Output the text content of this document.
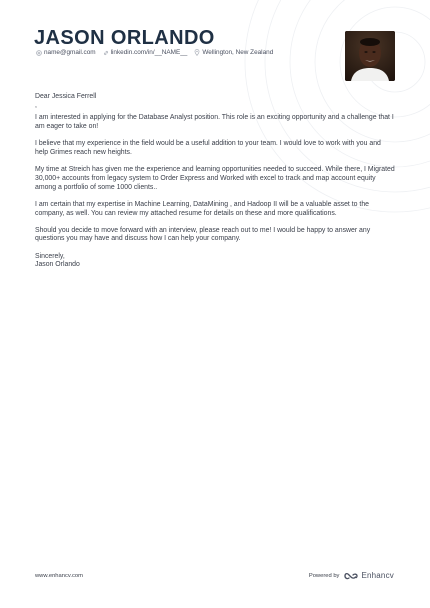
JASON ORLANDO
name@gmail.com linkedin.com/in/__NAME__ Wellington, New Zealand

Dear Jessica Ferrell

,

I am interested in applying for the Database Analyst position. This role is an exciting opportunity and a challenge that I am eager to take on!

I believe that my experience in the field would be a useful addition to your team. I would love to work with you and help Grimes reach new heights.

My time at Streich has given me the experience and learning opportunities needed to succeed. While there, I Migrated 30,000+ accounts from legacy system to Order Express and Worked with excel to track and map account equity among a portfolio of some 1000 clients..

I am certain that my expertise in Machine Learning, DataMining , and Hadoop II will be a valuable asset to the company, as well. You can review my attached resume for details on these and more qualifications.

Should you decide to move forward with an interview, please reach out to me! I would be happy to answer any questions you may have and discuss how I can help your company.

Sincerely,

Jason Orlando

www.enhancv.com	Powered by	Enhancv
